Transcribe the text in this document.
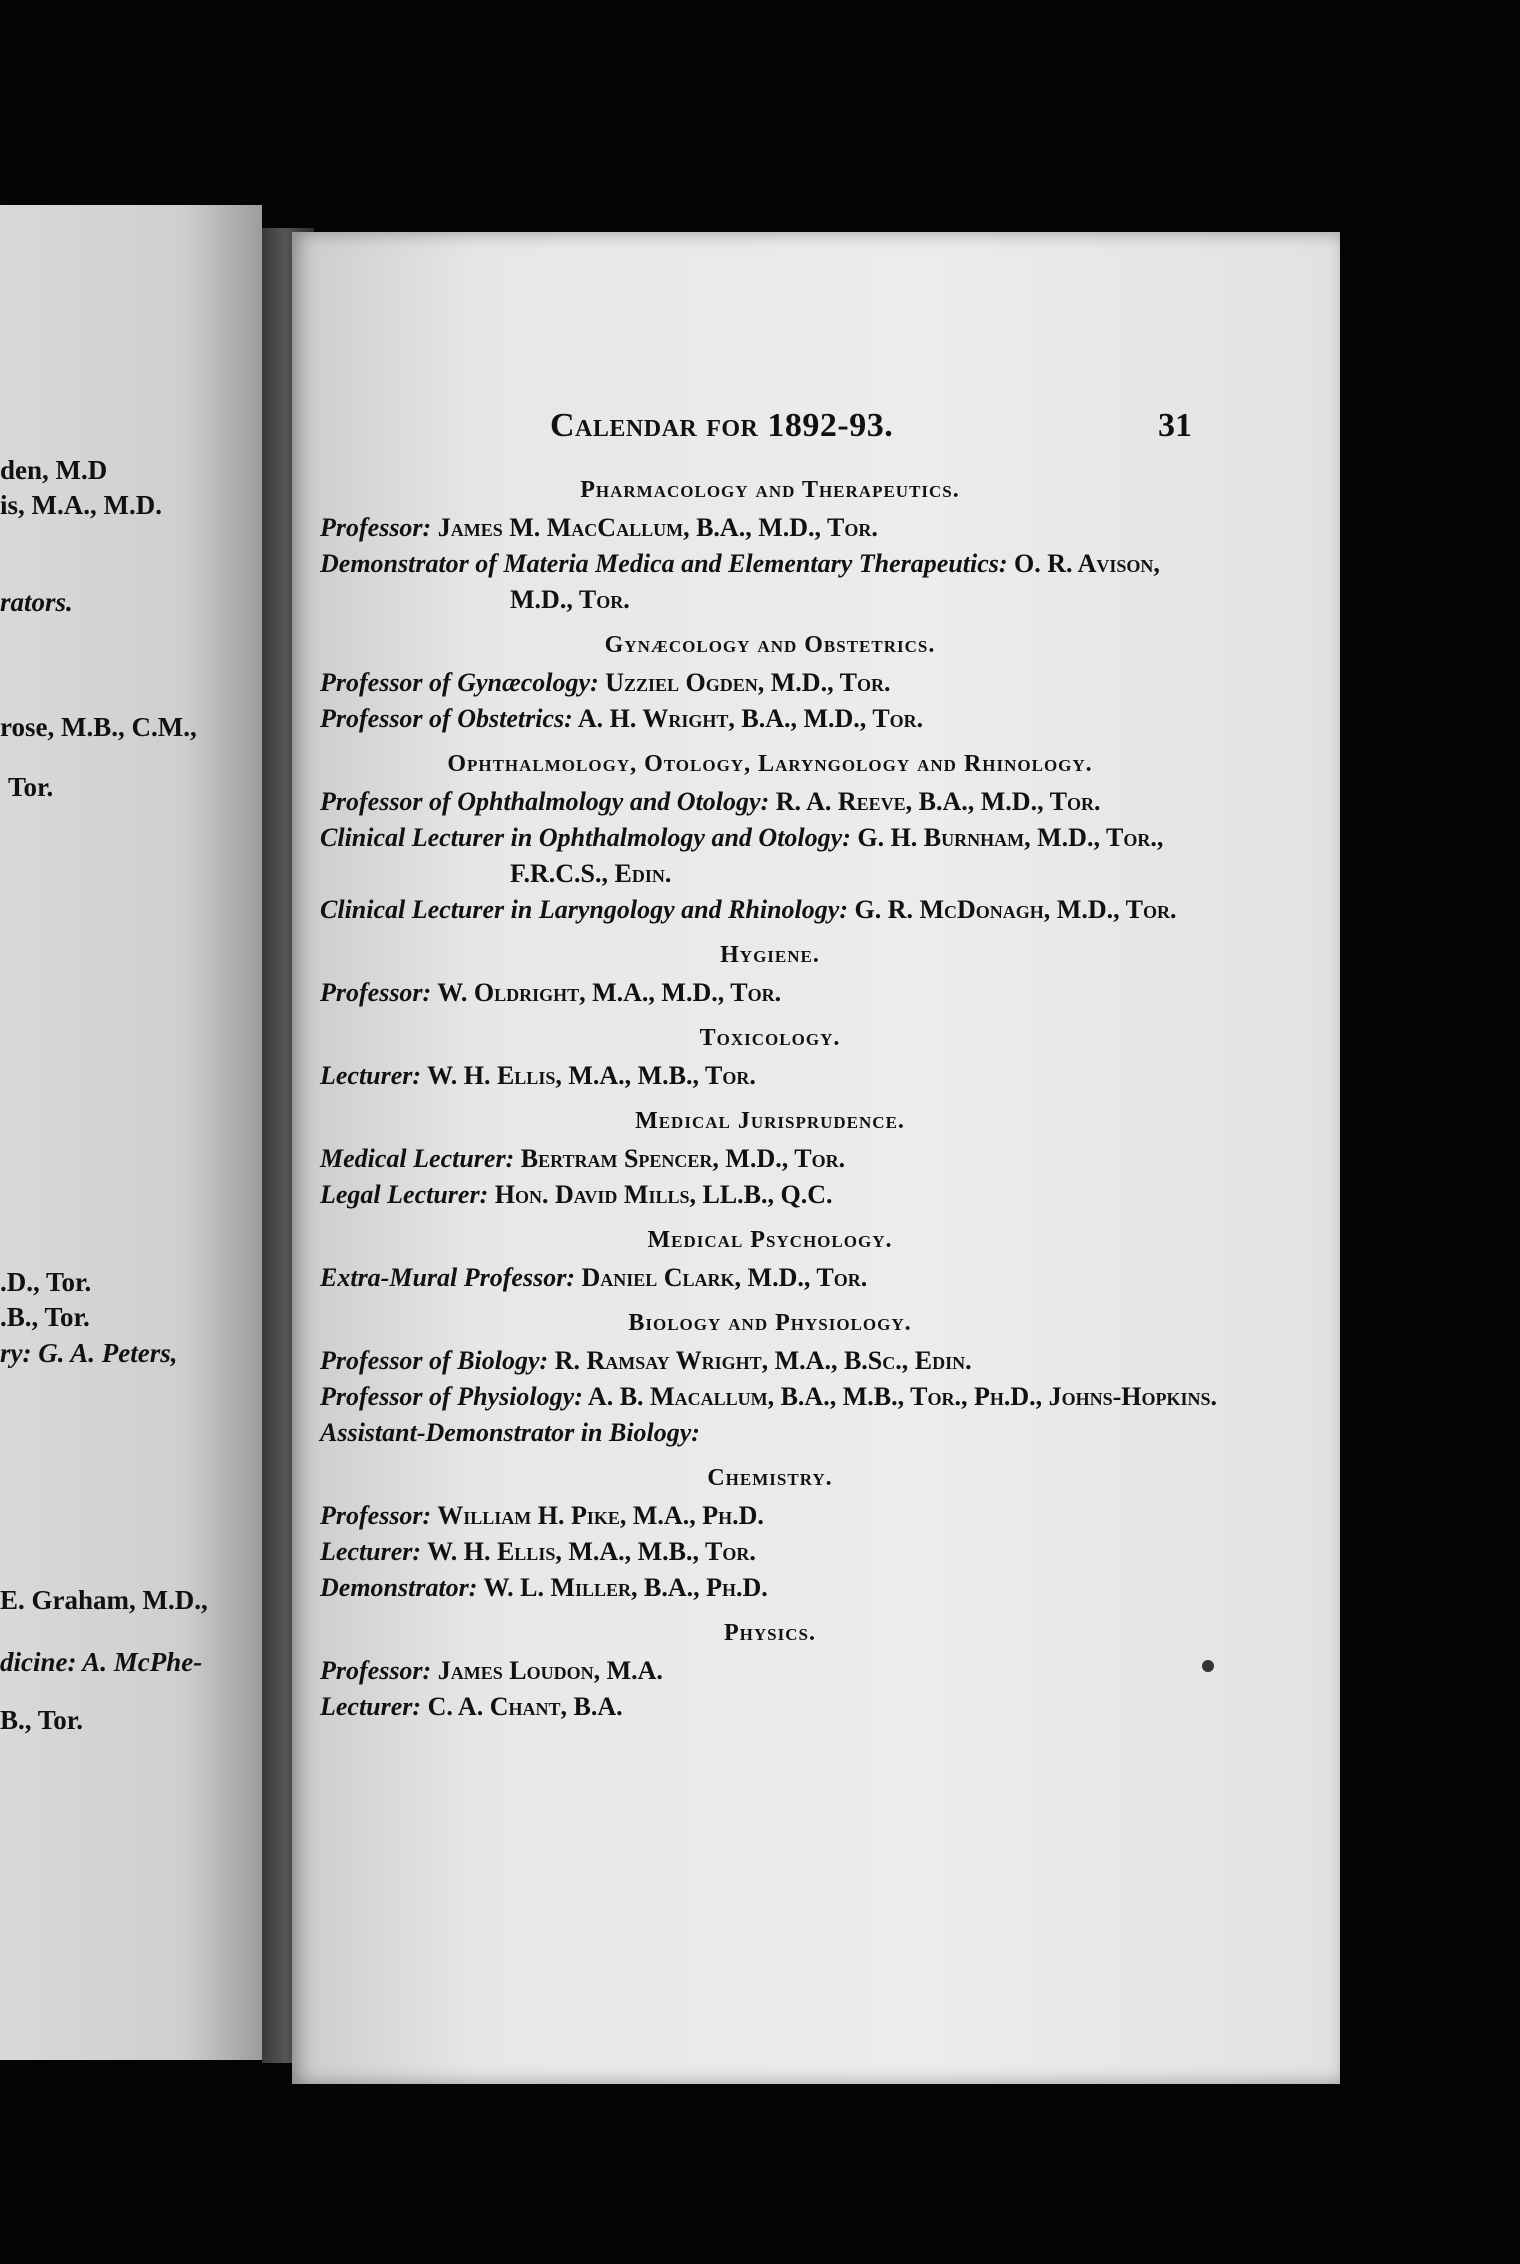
den, M.D
is, M.A., M.D.
rators.
rose, M.B., C.M.,
Tor.
.D., Tor.
.B., Tor.
ry: G. A. Peters,
E. Graham, M.D.,
dicine: A. McPhe-
B., Tor.
Calendar for 1892-93.	31
Pharmacology and Therapeutics.
Professor: James M. MacCallum, B.A., M.D., Tor.
Demonstrator of Materia Medica and Elementary Therapeutics: O. R. Avison, M.D., Tor.
Gynæcology and Obstetrics.
Professor of Gynæcology: Uzziel Ogden, M.D., Tor.
Professor of Obstetrics: A. H. Wright, B.A., M.D., Tor.
Ophthalmology, Otology, Laryngology and Rhinology.
Professor of Ophthalmology and Otology: R. A. Reeve, B.A., M.D., Tor.
Clinical Lecturer in Ophthalmology and Otology: G. H. Burnham, M.D., Tor., F.R.C.S., Edin.
Clinical Lecturer in Laryngology and Rhinology: G. R. McDonagh, M.D., Tor.
Hygiene.
Professor: W. Oldright, M.A., M.D., Tor.
Toxicology.
Lecturer: W. H. Ellis, M.A., M.B., Tor.
Medical Jurisprudence.
Medical Lecturer: Bertram Spencer, M.D., Tor.
Legal Lecturer: Hon. David Mills, LL.B., Q.C.
Medical Psychology.
Extra-Mural Professor: Daniel Clark, M.D., Tor.
Biology and Physiology.
Professor of Biology: R. Ramsay Wright, M.A., B.Sc., Edin.
Professor of Physiology: A. B. Macallum, B.A., M.B., Tor., Ph.D., Johns-Hopkins.
Assistant-Demonstrator in Biology:
Chemistry.
Professor: William H. Pike, M.A., Ph.D.
Lecturer: W. H. Ellis, M.A., M.B., Tor.
Demonstrator: W. L. Miller, B.A., Ph.D.
Physics.
Professor: James Loudon, M.A.
Lecturer: C. A. Chant, B.A.
